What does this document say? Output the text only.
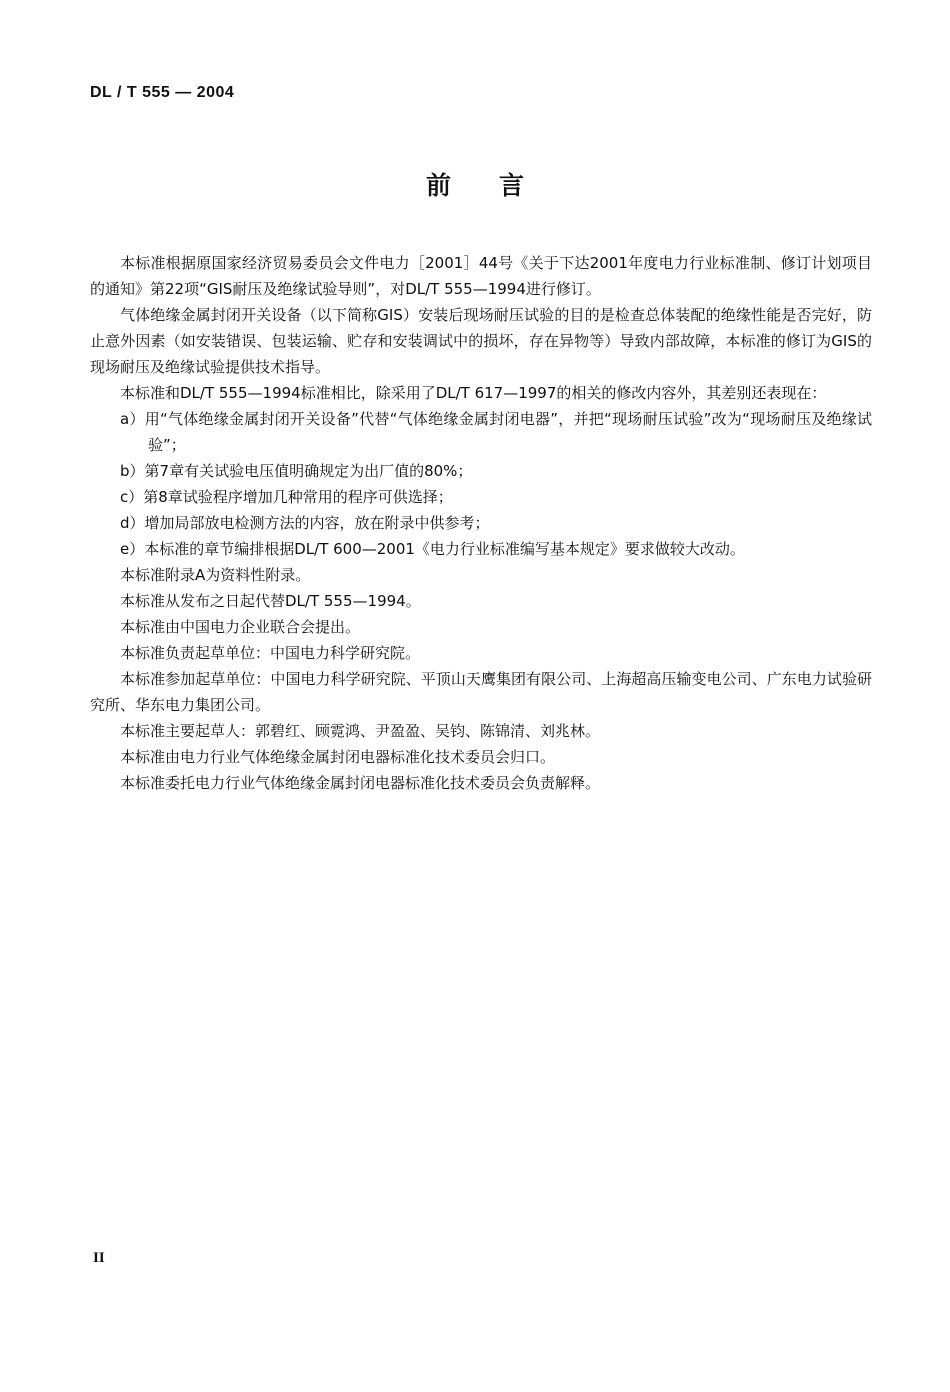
DL / T 555 — 2004
前言

本标准根据原国家经济贸易委员会文件电力［2001］44号《关于下达2001年度电力行业标准制、修订计划项目的通知》第22项“GIS耐压及绝缘试验导则”，对DL/T 555—1994进行修订。

气体绝缘金属封闭开关设备（以下简称GIS）安装后现场耐压试验的目的是检查总体装配的绝缘性能是否完好，防止意外因素（如安装错误、包装运输、贮存和安装调试中的损坏，存在异物等）导致内部故障，本标准的修订为GIS的现场耐压及绝缘试验提供技术指导。

本标准和DL/T 555—1994标准相比，除采用了DL/T 617—1997的相关的修改内容外，其差别还表现在：

a）用“气体绝缘金属封闭开关设备”代替“气体绝缘金属封闭电器”，并把“现场耐压试验”改为“现场耐压及绝缘试验”；

b）第7章有关试验电压值明确规定为出厂值的80%；

c）第8章试验程序增加几种常用的程序可供选择；

d）增加局部放电检测方法的内容，放在附录中供参考；

e）本标准的章节编排根据DL/T 600—2001《电力行业标准编写基本规定》要求做较大改动。

本标准附录A为资料性附录。

本标准从发布之日起代替DL/T 555—1994。

本标准由中国电力企业联合会提出。

本标准负责起草单位：中国电力科学研究院。

本标准参加起草单位：中国电力科学研究院、平顶山天鹰集团有限公司、上海超高压输变电公司、广东电力试验研究所、华东电力集团公司。

本标准主要起草人：郭碧红、顾霓鸿、尹盈盈、吴钧、陈锦清、刘兆林。

本标准由电力行业气体绝缘金属封闭电器标准化技术委员会归口。

本标准委托电力行业气体绝缘金属封闭电器标准化技术委员会负责解释。

II
